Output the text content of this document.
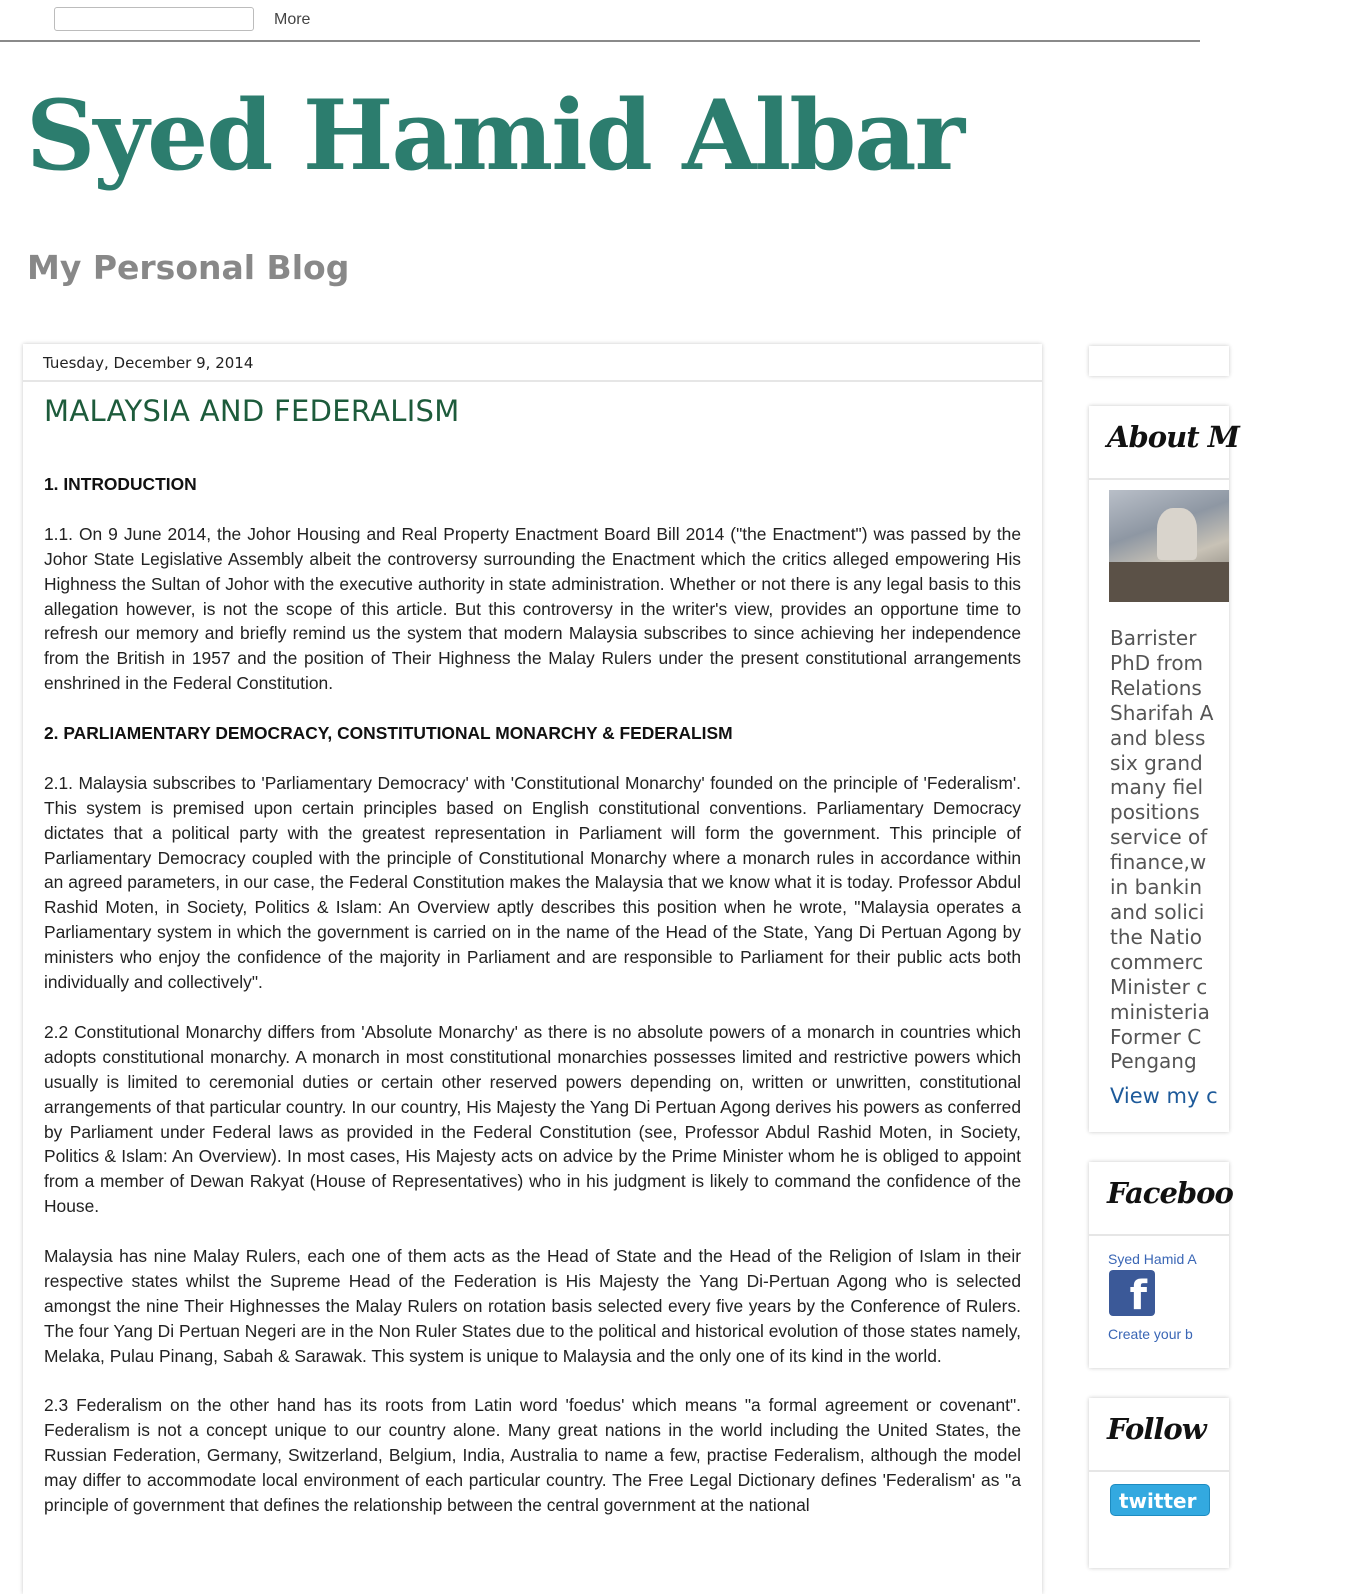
More
Syed Hamid Albar
My Personal Blog
Tuesday, December 9, 2014
MALAYSIA AND FEDERALISM
1. INTRODUCTION

1.1. On 9 June 2014, the Johor Housing and Real Property Enactment Board Bill 2014 ("the Enactment") was passed by the Johor State Legislative Assembly albeit the controversy surrounding the Enactment which the critics alleged empowering His Highness the Sultan of Johor with the executive authority in state administration. Whether or not there is any legal basis to this allegation however, is not the scope of this article. But this controversy in the writer's view, provides an opportune time to refresh our memory and briefly remind us the system that modern Malaysia subscribes to since achieving her independence from the British in 1957 and the position of Their Highness the Malay Rulers under the present constitutional arrangements enshrined in the Federal Constitution.

2. PARLIAMENTARY DEMOCRACY, CONSTITUTIONAL MONARCHY & FEDERALISM

2.1. Malaysia subscribes to 'Parliamentary Democracy' with 'Constitutional Monarchy' founded on the principle of 'Federalism'. This system is premised upon certain principles based on English constitutional conventions. Parliamentary Democracy dictates that a political party with the greatest representation in Parliament will form the government. This principle of Parliamentary Democracy coupled with the principle of Constitutional Monarchy where a monarch rules in accordance within an agreed parameters, in our case, the Federal Constitution makes the Malaysia that we know what it is today. Professor Abdul Rashid Moten, in Society, Politics & Islam: An Overview aptly describes this position when he wrote, "Malaysia operates a Parliamentary system in which the government is carried on in the name of the Head of the State, Yang Di Pertuan Agong by ministers who enjoy the confidence of the majority in Parliament and are responsible to Parliament for their public acts both individually and collectively".

2.2 Constitutional Monarchy differs from 'Absolute Monarchy' as there is no absolute powers of a monarch in countries which adopts constitutional monarchy. A monarch in most constitutional monarchies possesses limited and restrictive powers which usually is limited to ceremonial duties or certain other reserved powers depending on, written or unwritten, constitutional arrangements of that particular country. In our country, His Majesty the Yang Di Pertuan Agong derives his powers as conferred by Parliament under Federal laws as provided in the Federal Constitution (see, Professor Abdul Rashid Moten, in Society, Politics & Islam: An Overview). In most cases, His Majesty acts on advice by the Prime Minister whom he is obliged to appoint from a member of Dewan Rakyat (House of Representatives) who in his judgment is likely to command the confidence of the House.

Malaysia has nine Malay Rulers, each one of them acts as the Head of State and the Head of the Religion of Islam in their respective states whilst the Supreme Head of the Federation is His Majesty the Yang Di-Pertuan Agong who is selected amongst the nine Their Highnesses the Malay Rulers on rotation basis selected every five years by the Conference of Rulers. The four Yang Di Pertuan Negeri are in the Non Ruler States due to the political and historical evolution of those states namely, Melaka, Pulau Pinang, Sabah & Sarawak. This system is unique to Malaysia and the only one of its kind in the world.

2.3 Federalism on the other hand has its roots from Latin word 'foedus' which means "a formal agreement or covenant". Federalism is not a concept unique to our country alone. Many great nations in the world including the United States, the Russian Federation, Germany, Switzerland, Belgium, India, Australia to name a few, practise Federalism, although the model may differ to accommodate local environment of each particular country. The Free Legal Dictionary defines 'Federalism' as "a principle of government that defines the relationship between the central government at the national

About M
Barrister
PhD from
Relations
Sharifah A
and bless
six grand
many fiel
positions
service of
finance,w
in bankin
and solici
the Natio
commerc
Minister c
ministeria
Former C
Pengang
View my c
Faceboo
Syed Hamid A
f
Create your b
Follow
twitter
